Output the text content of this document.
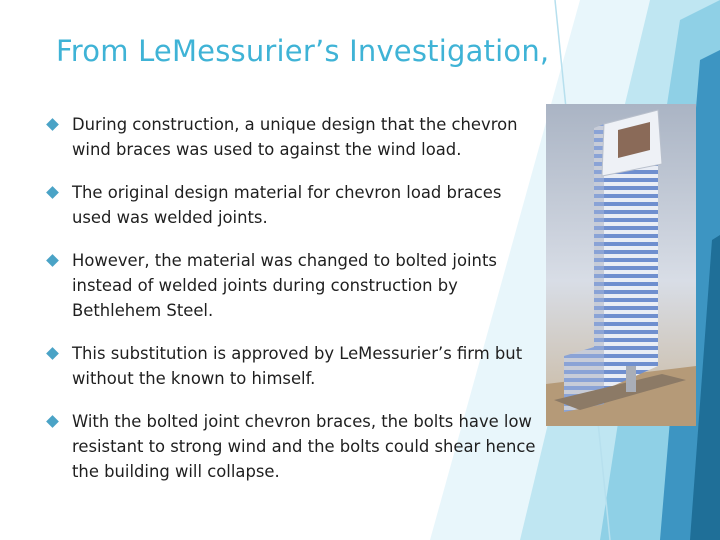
From LeMessurier’s Investigation,
During construction, a unique design that the chevron wind braces was used to against the wind load.
The original design material for chevron load braces used was welded joints.
However, the material was changed to bolted joints instead of welded joints during construction by Bethlehem Steel.
This substitution is approved by LeMessurier’s firm but without the known to himself.
With the bolted joint chevron braces, the bolts have low resistant to strong wind and the bolts could shear hence the building will collapse.
